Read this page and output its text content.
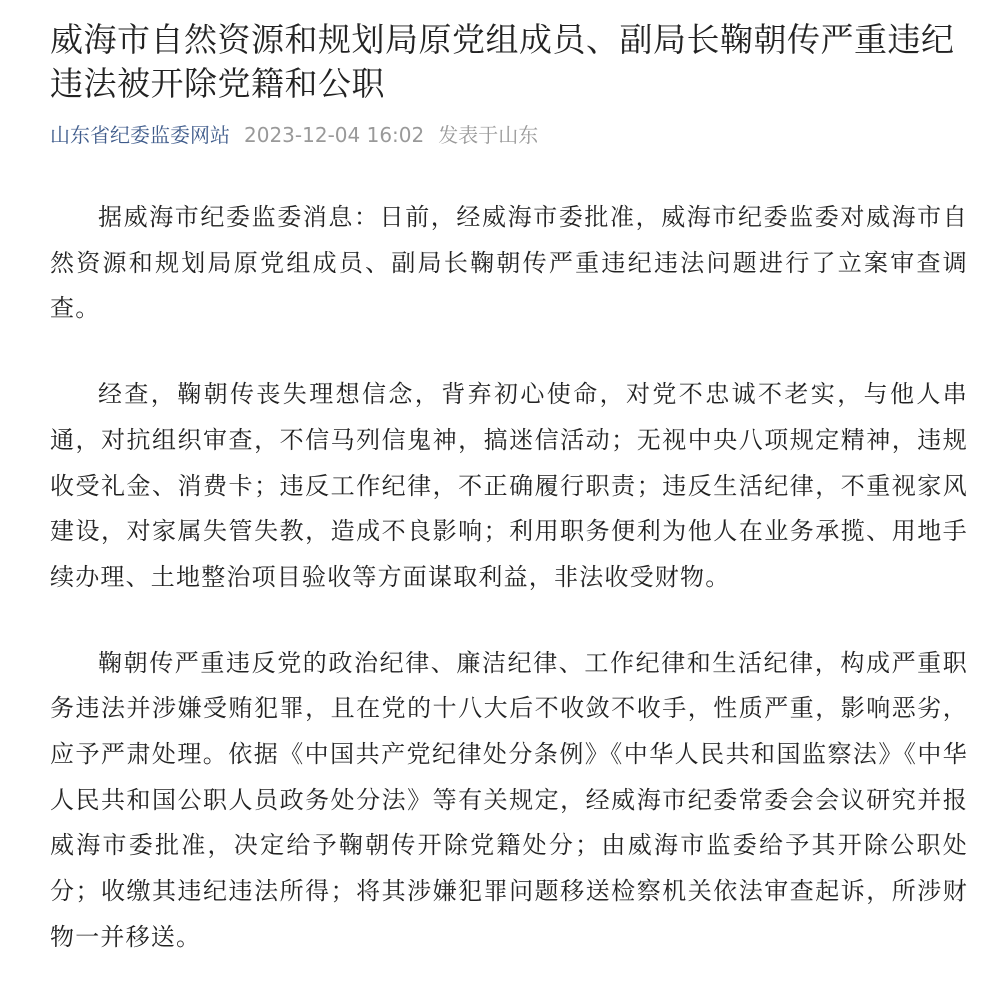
威海市自然资源和规划局原党组成员、副局长鞠朝传严重违纪违法被开除党籍和公职
山东省纪委监委网站 2023-12-04 16:02 发表于山东

据威海市纪委监委消息：日前，经威海市委批准，威海市纪委监委对威海市自然资源和规划局原党组成员、副局长鞠朝传严重违纪违法问题进行了立案审查调查。

经查，鞠朝传丧失理想信念，背弃初心使命，对党不忠诚不老实，与他人串通，对抗组织审查，不信马列信鬼神，搞迷信活动；无视中央八项规定精神，违规收受礼金、消费卡；违反工作纪律，不正确履行职责；违反生活纪律，不重视家风建设，对家属失管失教，造成不良影响；利用职务便利为他人在业务承揽、用地手续办理、土地整治项目验收等方面谋取利益，非法收受财物。

鞠朝传严重违反党的政治纪律、廉洁纪律、工作纪律和生活纪律，构成严重职务违法并涉嫌受贿犯罪，且在党的十八大后不收敛不收手，性质严重，影响恶劣，应予严肃处理。依据《中国共产党纪律处分条例》《中华人民共和国监察法》《中华人民共和国公职人员政务处分法》等有关规定，经威海市纪委常委会会议研究并报威海市委批准，决定给予鞠朝传开除党籍处分；由威海市监委给予其开除公职处分；收缴其违纪违法所得；将其涉嫌犯罪问题移送检察机关依法审查起诉，所涉财物一并移送。
